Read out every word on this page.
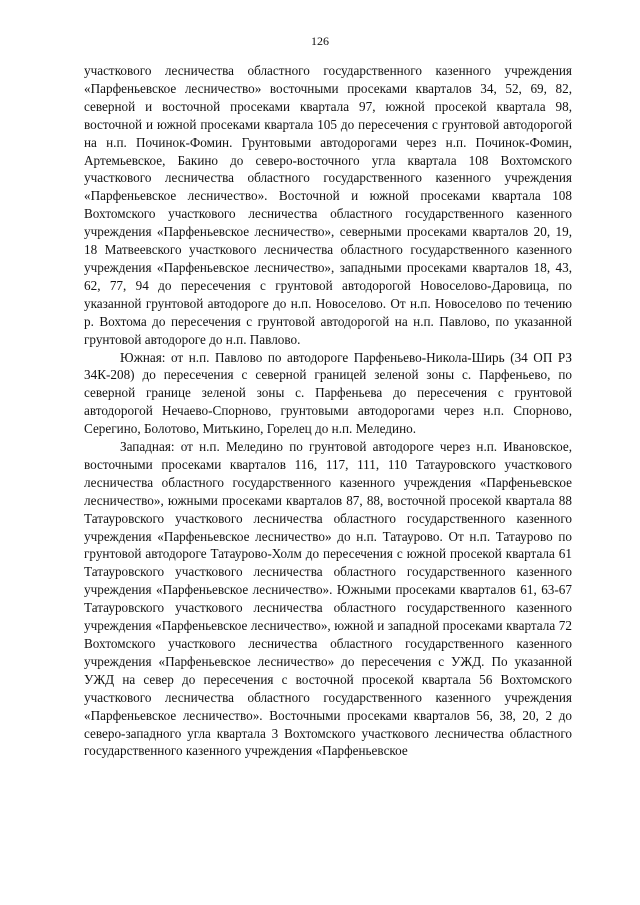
126

участкового лесничества областного государственного казенного учреждения «Парфеньевское лесничество» восточными просеками кварталов 34, 52, 69, 82, северной и восточной просеками квартала 97, южной просекой квартала 98, восточной и южной просеками квартала 105 до пересечения с грунтовой автодорогой на н.п. Починок-Фомин. Грунтовыми автодорогами через н.п. Починок-Фомин, Артемьевское, Бакино до северо-восточного угла квартала 108 Вохтомского участкового лесничества областного государственного казенного учреждения «Парфеньевское лесничество». Восточной и южной просеками квартала 108 Вохтомского участкового лесничества областного государственного казенного учреждения «Парфеньевское лесничество», северными просеками кварталов 20, 19, 18 Матвеевского участкового лесничества областного государственного казенного учреждения «Парфеньевское лесничество», западными просеками кварталов 18, 43, 62, 77, 94 до пересечения с грунтовой автодорогой Новоселово-Даровица, по указанной грунтовой автодороге до н.п. Новоселово. От н.п. Новоселово по течению р. Вохтома до пересечения с грунтовой автодорогой на н.п. Павлово, по указанной грунтовой автодороге до н.п. Павлово.

Южная: от н.п. Павлово по автодороге Парфеньево-Никола-Ширь (34 ОП РЗ 34К-208) до пересечения с северной границей зеленой зоны с. Парфеньево, по северной границе зеленой зоны с. Парфеньева до пересечения с грунтовой автодорогой Нечаево-Спорново, грунтовыми автодорогами через н.п. Спорново, Серегино, Болотово, Митькино, Горелец до н.п. Меледино.

Западная: от н.п. Меледино по грунтовой автодороге через н.п. Ивановское, восточными просеками кварталов 116, 117, 111, 110 Татауровского участкового лесничества областного государственного казенного учреждения «Парфеньевское лесничество», южными просеками кварталов 87, 88, восточной просекой квартала 88 Татауровского участкового лесничества областного государственного казенного учреждения «Парфеньевское лесничество» до н.п. Татаурово. От н.п. Татаурово по грунтовой автодороге Татаурово-Холм до пересечения с южной просекой квартала 61 Татауровского участкового лесничества областного государственного казенного учреждения «Парфеньевское лесничество». Южными просеками кварталов 61, 63-67 Татауровского участкового лесничества областного государственного казенного учреждения «Парфеньевское лесничество», южной и западной просеками квартала 72 Вохтомского участкового лесничества областного государственного казенного учреждения «Парфеньевское лесничество» до пересечения с УЖД. По указанной УЖД на север до пересечения с восточной просекой квартала 56 Вохтомского участкового лесничества областного государственного казенного учреждения «Парфеньевское лесничество». Восточными просеками кварталов 56, 38, 20, 2 до северо-западного угла квартала 3 Вохтомского участкового лесничества областного государственного казенного учреждения «Парфеньевское
